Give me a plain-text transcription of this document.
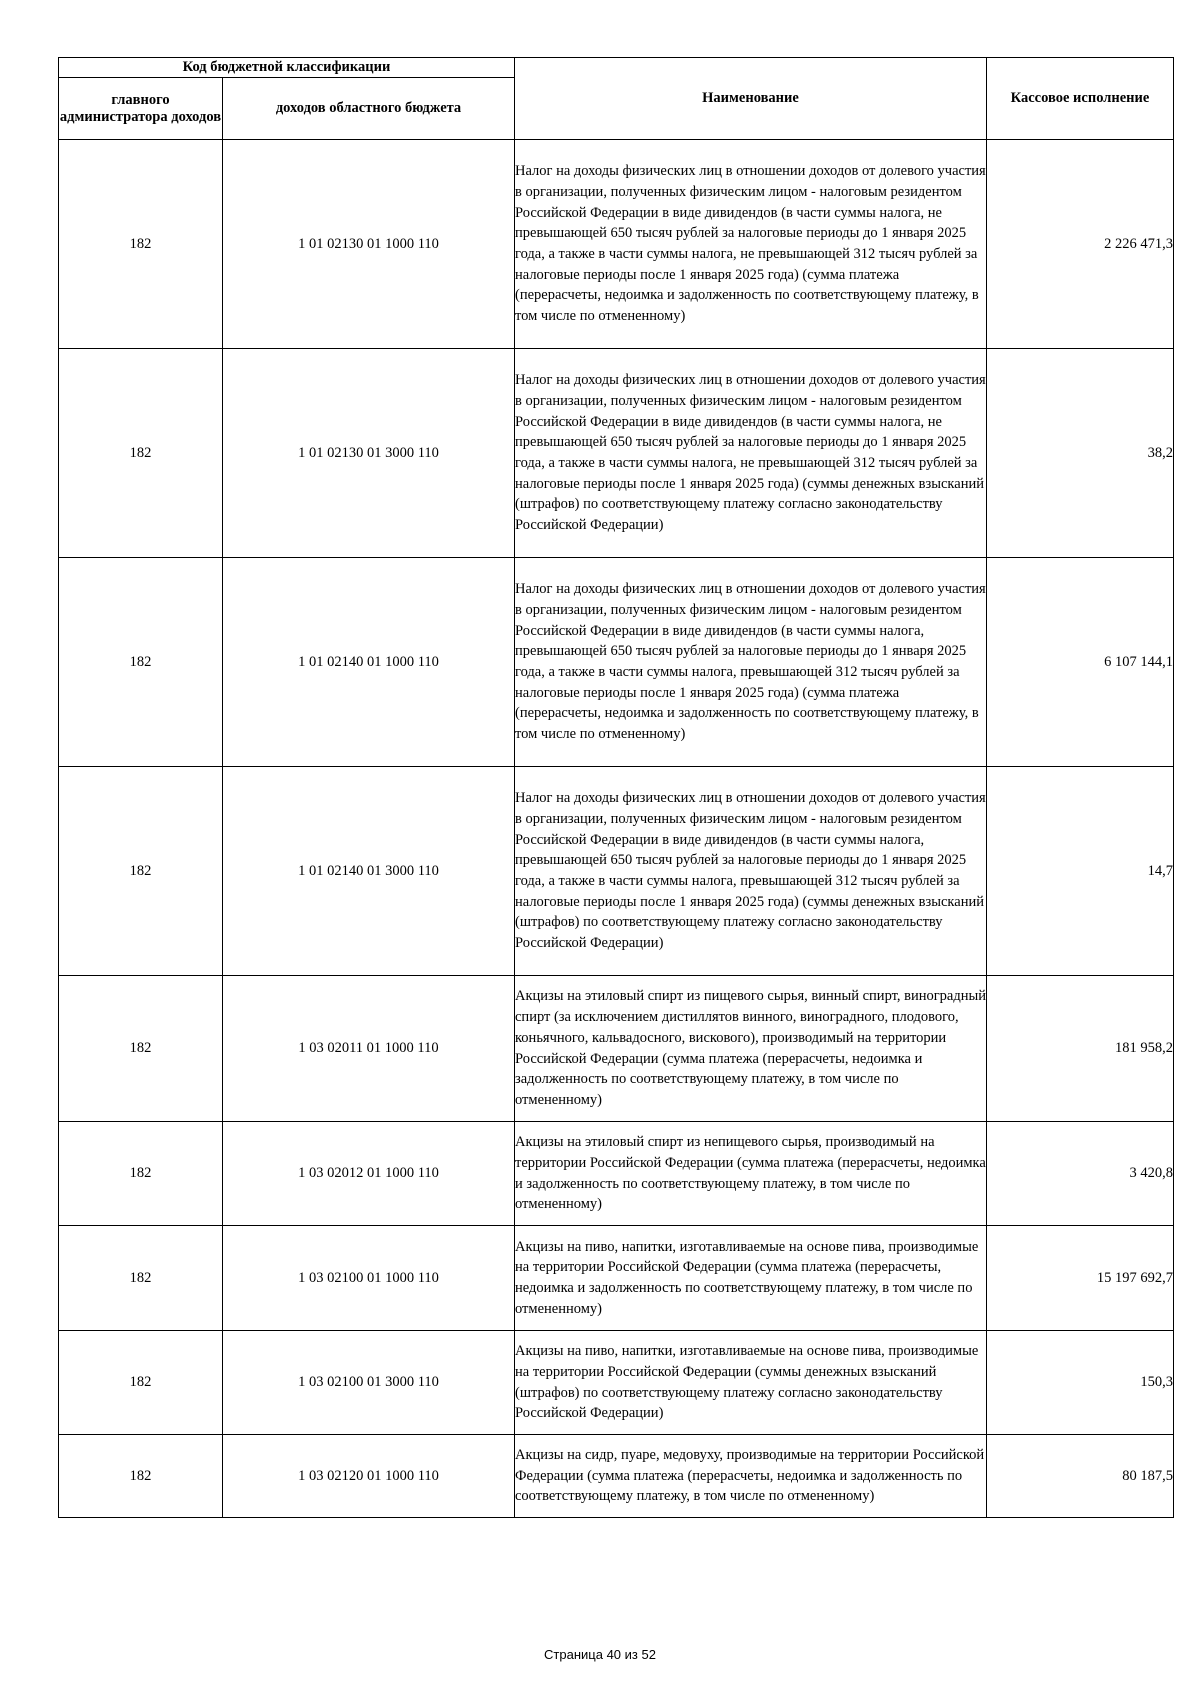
Код бюджетной классификации		Наименование	Кассовое исполнение
главного администратора доходов	доходов областного бюджета		
182	1 01 02130 01 1000 110	Налог на доходы физических лиц в отношении доходов от долевого участия в организации, полученных физическим лицом - налоговым резидентом Российской Федерации в виде дивидендов (в части суммы налога, не превышающей 650 тысяч рублей за налоговые периоды до 1 января 2025 года, а также в части суммы налога, не превышающей 312 тысяч рублей за налоговые периоды после 1 января 2025 года) (сумма платежа (перерасчеты, недоимка и задолженность по соответствующему платежу, в том числе по отмененному)	2 226 471,3
182	1 01 02130 01 3000 110	Налог на доходы физических лиц в отношении доходов от долевого участия в организации, полученных физическим лицом - налоговым резидентом Российской Федерации в виде дивидендов (в части суммы налога, не превышающей 650 тысяч рублей за налоговые периоды до 1 января 2025 года, а также в части суммы налога, не превышающей 312 тысяч рублей за налоговые периоды после 1 января 2025 года) (суммы денежных взысканий (штрафов) по соответствующему платежу согласно законодательству Российской Федерации)	38,2
182	1 01 02140 01 1000 110	Налог на доходы физических лиц в отношении доходов от долевого участия в организации, полученных физическим лицом - налоговым резидентом Российской Федерации в виде дивидендов (в части суммы налога, превышающей 650 тысяч рублей за налоговые периоды до 1 января 2025 года, а также в части суммы налога, превышающей 312 тысяч рублей за налоговые периоды после 1 января 2025 года) (сумма платежа (перерасчеты, недоимка и задолженность по соответствующему платежу, в том числе по отмененному)	6 107 144,1
182	1 01 02140 01 3000 110	Налог на доходы физических лиц в отношении доходов от долевого участия в организации, полученных физическим лицом - налоговым резидентом Российской Федерации в виде дивидендов (в части суммы налога, превышающей 650 тысяч рублей за налоговые периоды до 1 января 2025 года, а также в части суммы налога, превышающей 312 тысяч рублей за налоговые периоды после 1 января 2025 года) (суммы денежных взысканий (штрафов) по соответствующему платежу согласно законодательству Российской Федерации)	14,7
182	1 03 02011 01 1000 110	Акцизы на этиловый спирт из пищевого сырья, винный спирт, виноградный спирт (за исключением дистиллятов винного, виноградного, плодового, коньячного, кальвадосного, вискового), производимый на территории Российской Федерации (сумма платежа (перерасчеты, недоимка и задолженность по соответствующему платежу, в том числе по отмененному)	181 958,2
182	1 03 02012 01 1000 110	Акцизы на этиловый спирт из непищевого сырья, производимый на территории Российской Федерации (сумма платежа (перерасчеты, недоимка и задолженность по соответствующему платежу, в том числе по отмененному)	3 420,8
182	1 03 02100 01 1000 110	Акцизы на пиво, напитки, изготавливаемые на основе пива, производимые на территории Российской Федерации (сумма платежа (перерасчеты, недоимка и задолженность по соответствующему платежу, в том числе по отмененному)	15 197 692,7
182	1 03 02100 01 3000 110	Акцизы на пиво, напитки, изготавливаемые на основе пива, производимые на территории Российской Федерации (суммы денежных взысканий (штрафов) по соответствующему платежу согласно законодательству Российской Федерации)	150,3
182	1 03 02120 01 1000 110	Акцизы на сидр, пуаре, медовуху, производимые на территории Российской Федерации (сумма платежа (перерасчеты, недоимка и задолженность по соответствующему платежу, в том числе по отмененному)	80 187,5
Страница 40 из 52
